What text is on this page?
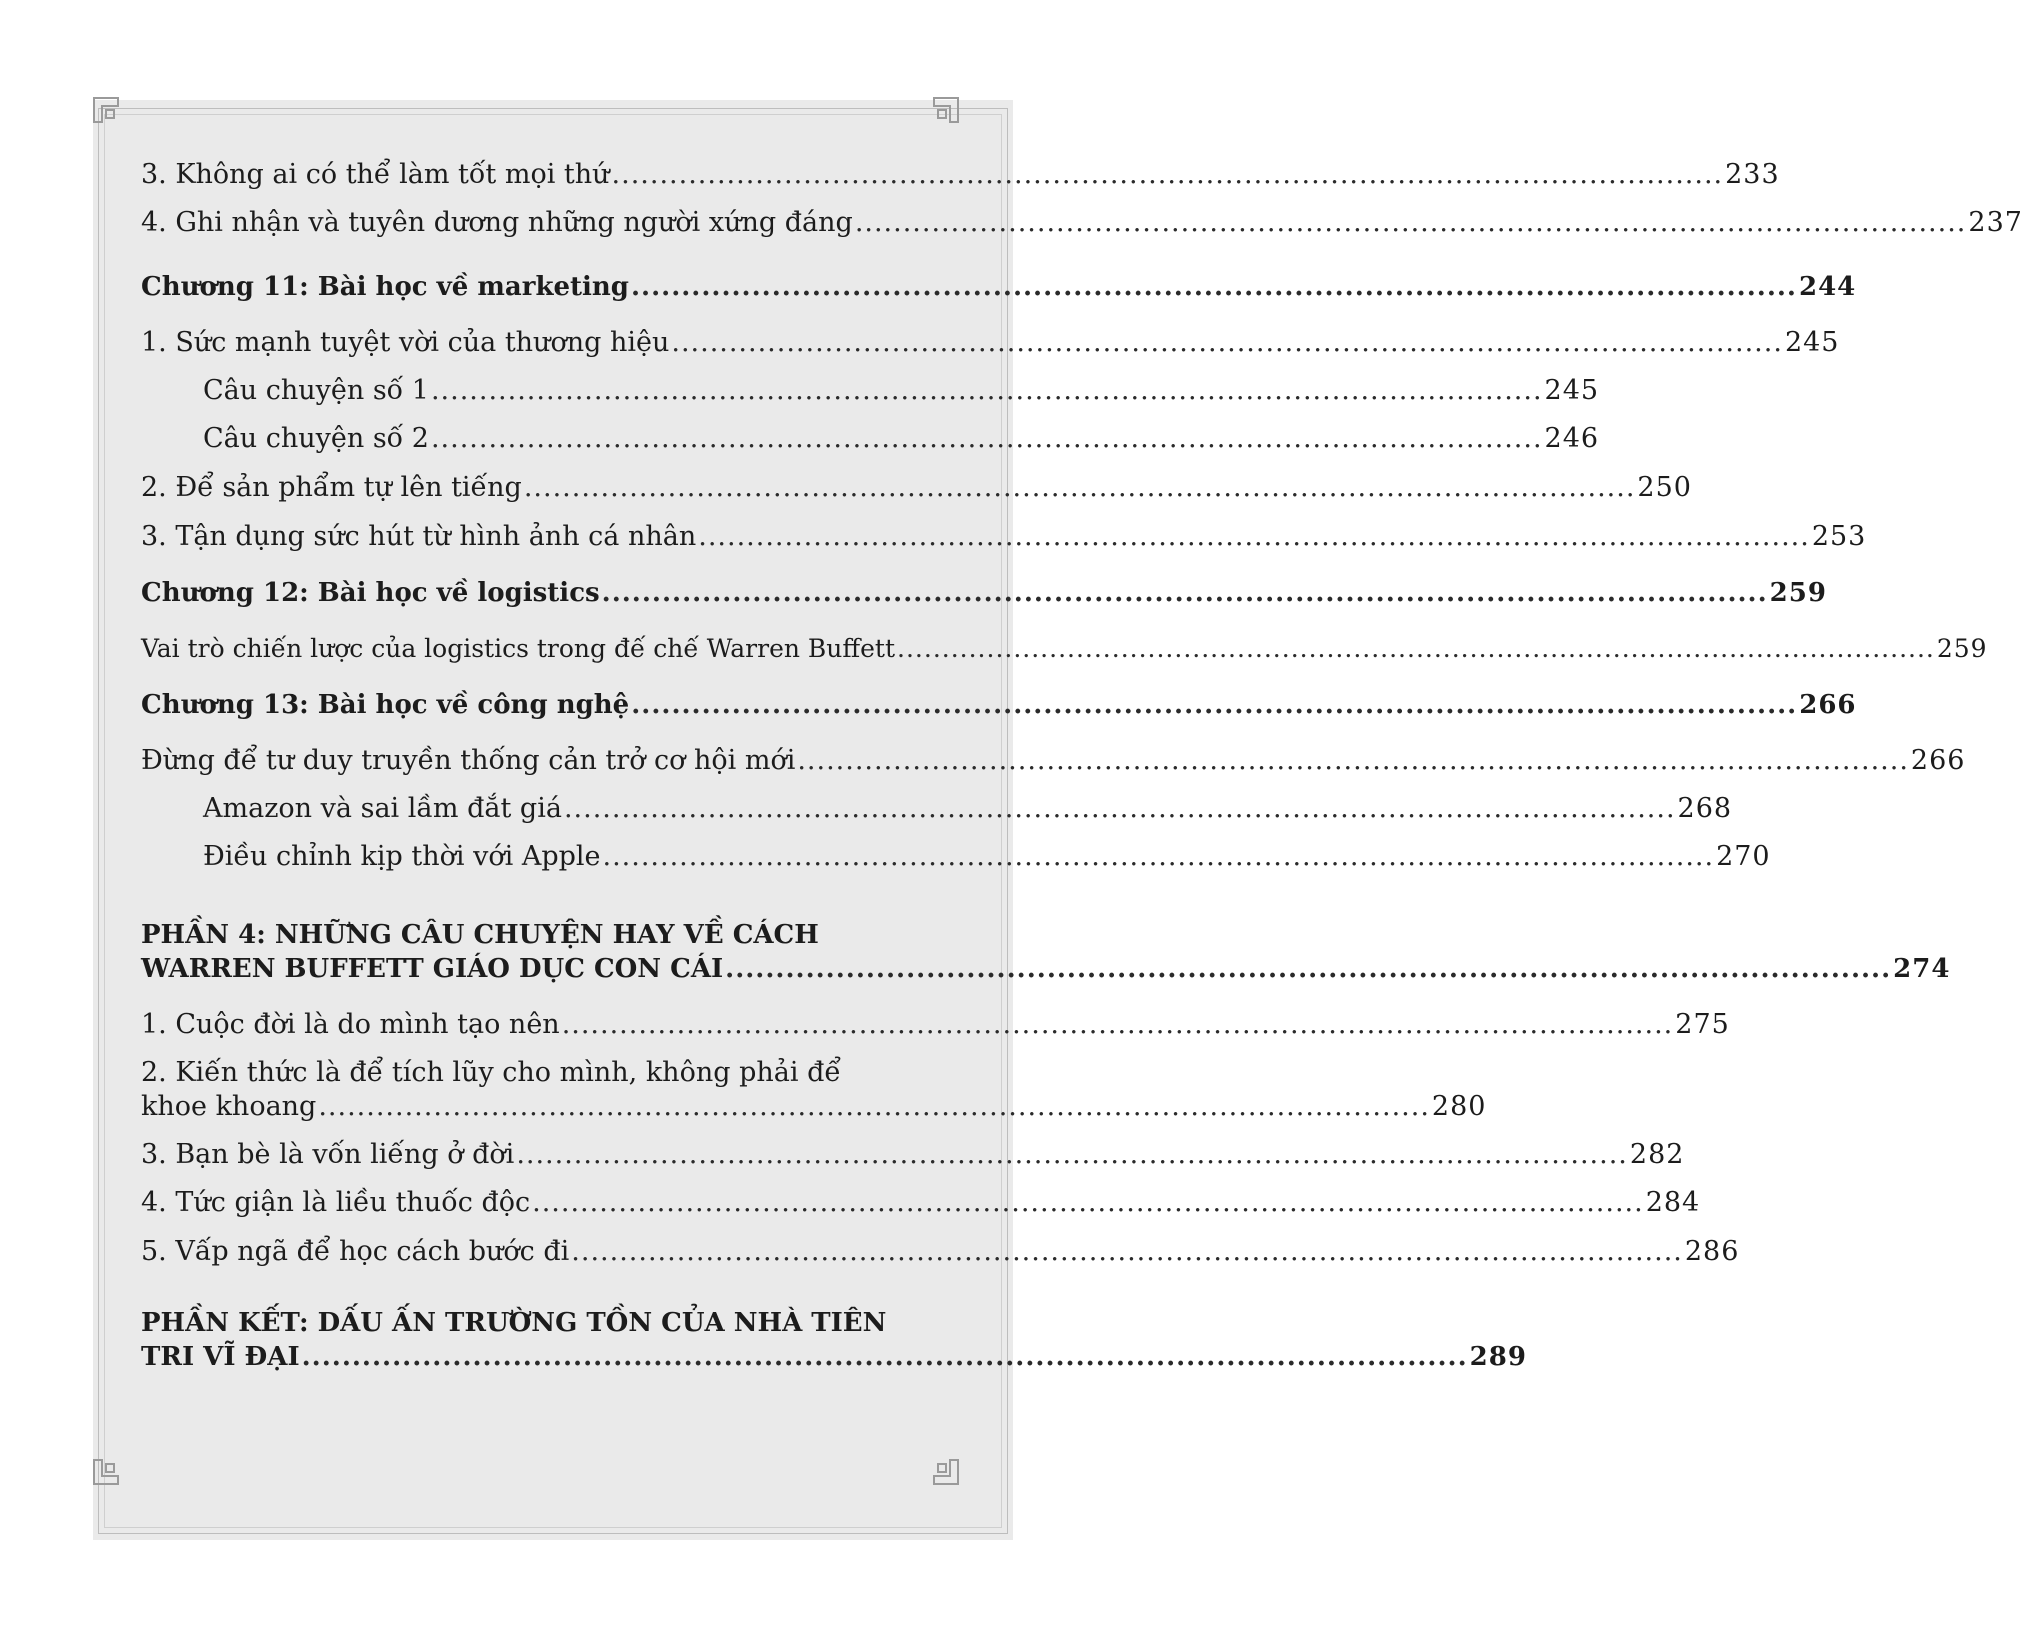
3. Không ai có thể làm tốt mọi thứ .................................................................................................................... 233
4. Ghi nhận và tuyên dương những người xứng đáng .................................................................................................................... 237
Chương 11: Bài học về marketing .................................................................................................................... 244
1. Sức mạnh tuyệt vời của thương hiệu .................................................................................................................... 245
Câu chuyện số 1 .................................................................................................................... 245
Câu chuyện số 2 .................................................................................................................... 246
2. Để sản phẩm tự lên tiếng .................................................................................................................... 250
3. Tận dụng sức hút từ hình ảnh cá nhân .................................................................................................................... 253
Chương 12: Bài học về logistics .................................................................................................................... 259
Vai trò chiến lược của logistics trong đế chế Warren Buffett .................................................................................................................... 259
Chương 13: Bài học về công nghệ .................................................................................................................... 266
Đừng để tư duy truyền thống cản trở cơ hội mới .................................................................................................................... 266
Amazon và sai lầm đắt giá .................................................................................................................... 268
Điều chỉnh kịp thời với Apple .................................................................................................................... 270
PHẦN 4: NHỮNG CÂU CHUYỆN HAY VỀ CÁCH
WARREN BUFFETT GIÁO DỤC CON CÁI .................................................................................................................... 274
1. Cuộc đời là do mình tạo nên .................................................................................................................... 275
2. Kiến thức là để tích lũy cho mình, không phải để
khoe khoang .................................................................................................................... 280
3. Bạn bè là vốn liếng ở đời .................................................................................................................... 282
4. Tức giận là liều thuốc độc .................................................................................................................... 284
5. Vấp ngã để học cách bước đi .................................................................................................................... 286
PHẦN KẾT: DẤU ẤN TRƯỜNG TỒN CỦA NHÀ TIÊN
TRI VĨ ĐẠI .................................................................................................................... 289
